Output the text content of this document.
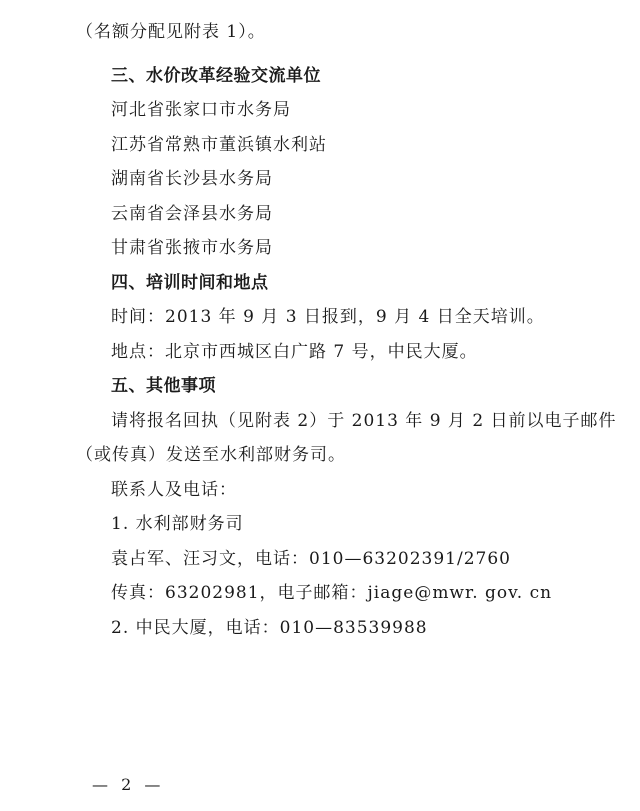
（名额分配见附表 1）。
三、水价改革经验交流单位
河北省张家口市水务局
江苏省常熟市董浜镇水利站
湖南省长沙县水务局
云南省会泽县水务局
甘肃省张掖市水务局
四、培训时间和地点
时间：2013 年 9 月 3 日报到，9 月 4 日全天培训。
地点：北京市西城区白广路 7 号，中民大厦。
五、其他事项
请将报名回执（见附表 2）于 2013 年 9 月 2 日前以电子邮件
（或传真）发送至水利部财务司。
联系人及电话：
1. 水利部财务司
袁占军、汪习文，电话：010—63202391/2760
传真：63202981，电子邮箱：jiage@mwr. gov. cn
2. 中民大厦，电话：010—83539988
— 2 —
